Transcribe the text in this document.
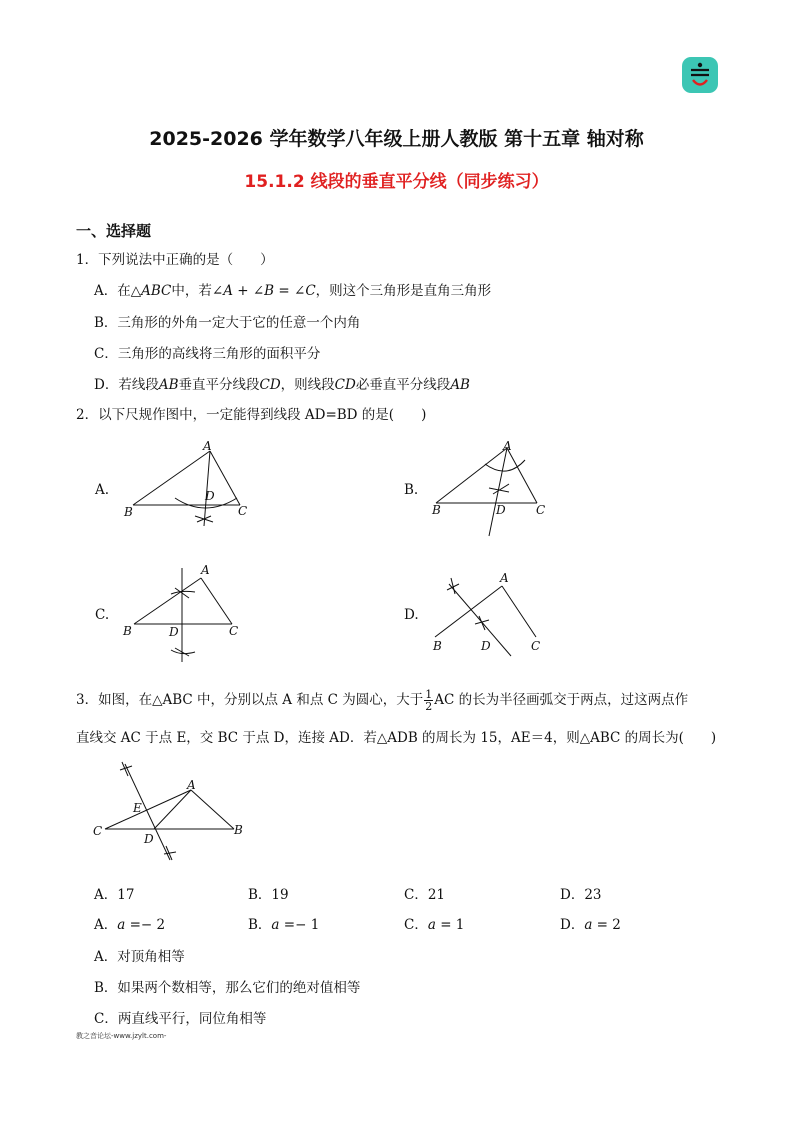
2025-2026 学年数学八年级上册人教版 第十五章 轴对称
15.1.2 线段的垂直平分线（同步练习）
一、选择题
1．下列说法中正确的是（　　）
A．在△ABC中，若∠A + ∠B = ∠C，则这个三角形是直角三角形
B．三角形的外角一定大于它的任意一个内角
C．三角形的高线将三角形的面积平分
D．若线段AB垂直平分线段CD，则线段CD必垂直平分线段AB
2．以下尺规作图中，一定能得到线段 AD=BD 的是(　　)
A.
A
B
D
C
B.
A
B	D	C
C.
A
B	D	C
D.
A
B	D	C
3．如图，在△ABC 中，分别以点 A 和点 C 为圆心，大于 $\frac{1}{2}$ AC 的长为半径画弧交于两点，过这两点作
直线交 AC 于点 E，交 BC 于点 D，连接 AD．若△ADB 的周长为 15，AE＝4，则△ABC 的周长为(　　)
A
B
C
D
E
A．17	B．19	C．21	D．23
A．a =− 2	B．a =− 1	C．a = 1	D．a = 2
A．对顶角相等
B．如果两个数相等，那么它们的绝对值相等
C．两直线平行，同位角相等
教之音论坛-www.jzylt.com-
